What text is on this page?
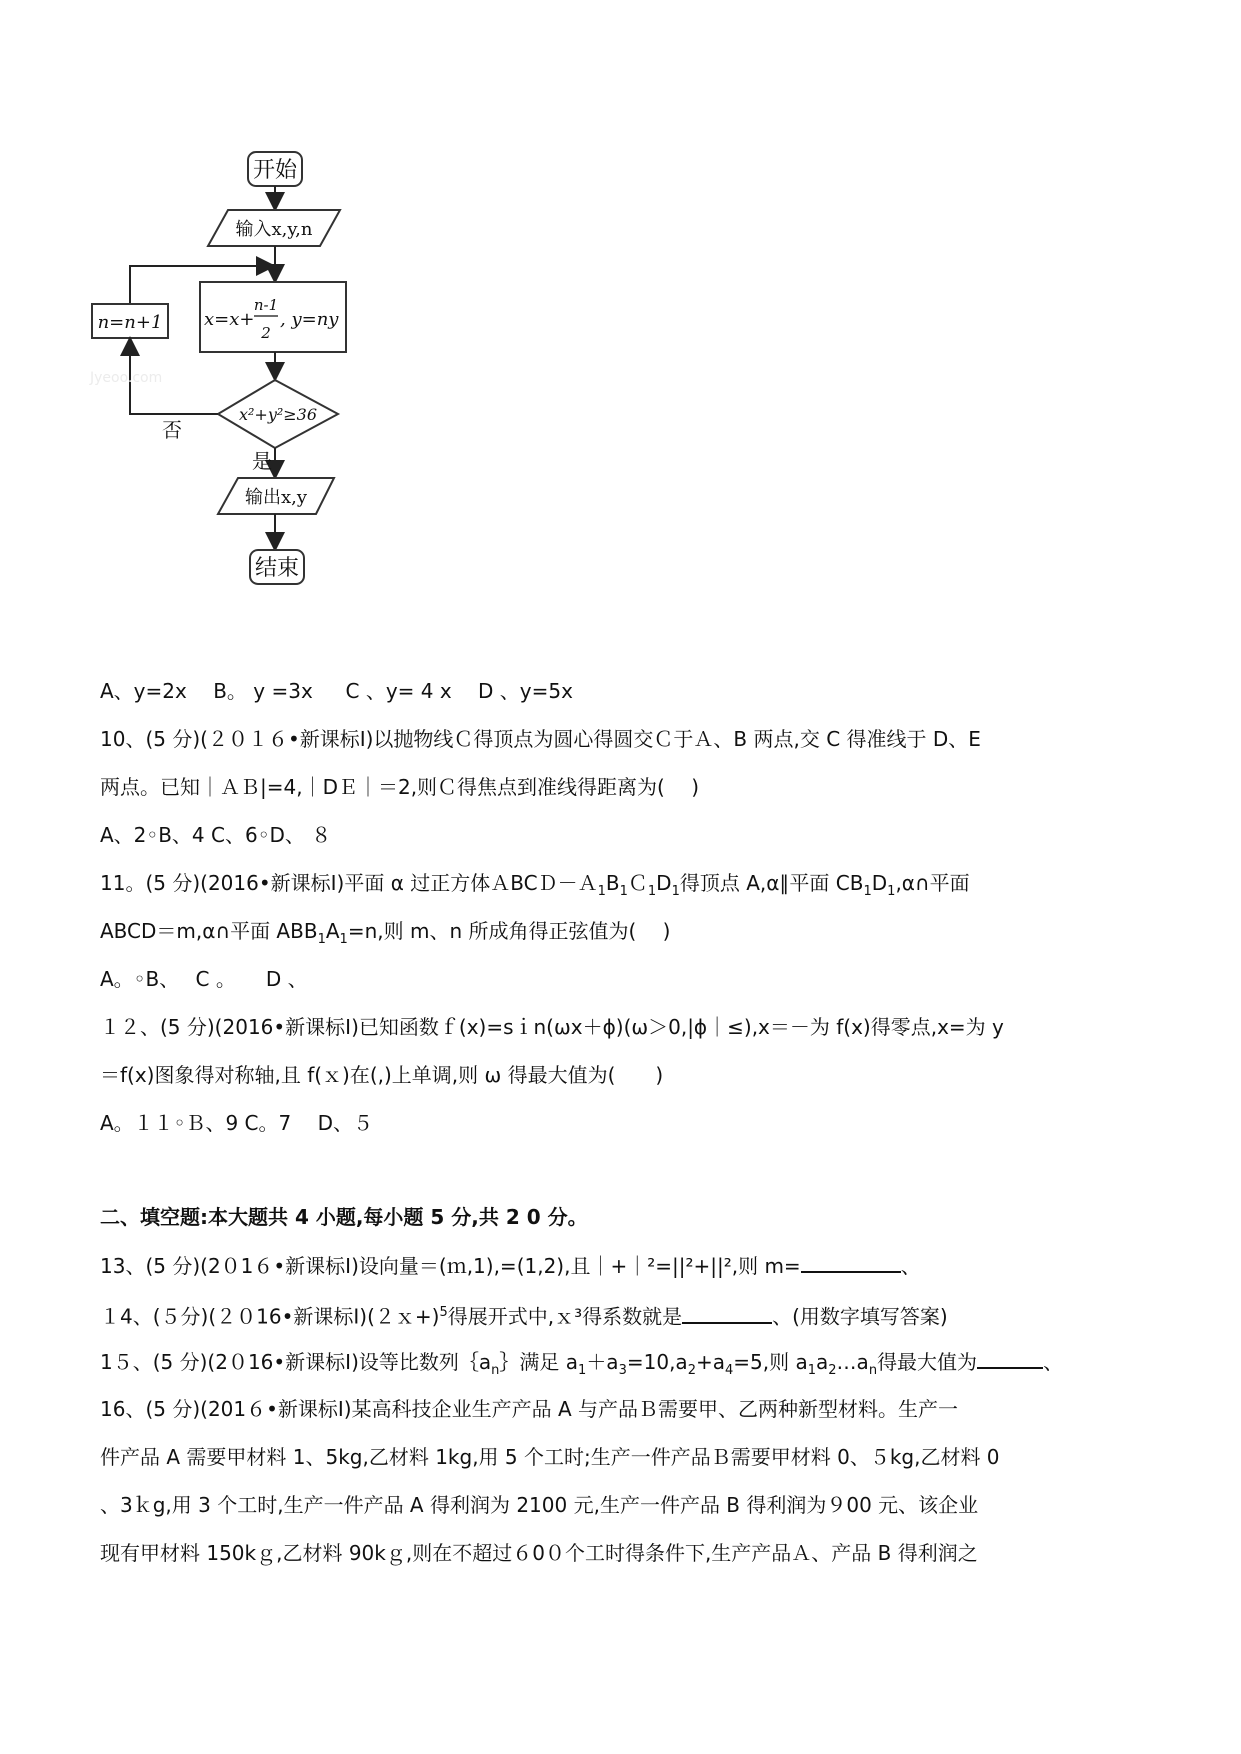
开始
输入x,y,n
n=n+1 x=x+
n-1
2
, y=ny
x²+y²≥36
否
Jyeoo.com
是
输出x,y
结束
A、y=2x　 B。 y =3x 　 C 、y= 4 x 　D 、y=5x
10、(5 分)(２０１６•新课标Ⅰ)以抛物线Ｃ得顶点为圆心得圆交Ｃ于Ａ、B 两点,交 C 得准线于 D、E
两点。已知｜ＡＢ|=4,｜DＥ｜＝2,则Ｃ得焦点到准线得距离为(　 )
A、2◦B、4 C、6◦D、 ８
11。(5 分)(2016•新课标Ⅰ)平面 α 过正方体$ABCD-A_1B_1C_1D_1$得顶点 A,α∥平面 $CB_1D_1,\alpha\cap$平面
ABCD＝m,α∩平面 $ABB_1A_1=n$,则 m、n 所成角得正弦值为(　 )
A。◦B、　 C 。　　D 、
１２、(5 分)(2016•新课标Ⅰ)已知函数ｆ(x)=sｉn(ωx＋ϕ)(ω＞0,|ϕ｜≤),x＝－为 f(x)得零点,x=为 y
＝f(x)图象得对称轴,且 f(ｘ)在(,)上单调,则 ω 得最大值为(　　)
A。１１◦Ｂ、9 C。7 　D、５
二、填空题:本大题共 4 小题,每小题 5 分,共 2 0 分。
13、(5 分)(2０1６•新课标Ⅰ)设向量＝(ｍ,1),=(1,2),且｜+｜²=||²+||²,则 m=	、
１4、(５分)(２０16•新课标Ⅰ)(２ｘ+)$^5$得展开式中,ｘ³得系数就是	、(用数字填写答案)
1５、(5 分)(2０16•新课标Ⅰ)设等比数列$\{a_n\}$满足 $a_1+a_3=10,a_2+a_4=5$,则 $a_1a_2\dots a_n$得最大值为	、
16、(5 分)(201６•新课标Ⅰ)某高科技企业生产产品 A 与产品Ｂ需要甲、乙两种新型材料。生产一
件产品 A 需要甲材料 1、5kg,乙材料 1kg,用 5 个工时;生产一件产品Ｂ需要甲材料 0、５kg,乙材料 0
、3ｋg,用 3 个工时,生产一件产品 A 得利润为 2100 元,生产一件产品 B 得利润为９00 元、该企业
现有甲材料 150kｇ,乙材料 90kｇ,则在不超过６0０个工时得条件下,生产产品Ａ、产品 B 得利润之
